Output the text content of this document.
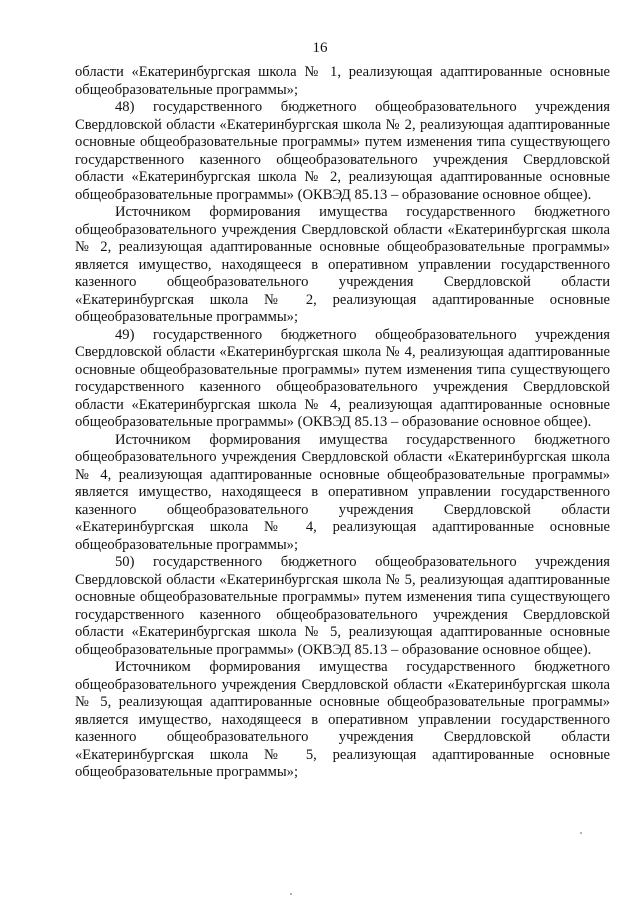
16

области «Екатеринбургская школа № 1, реализующая адаптированные основные общеобразовательные программы»;

48) государственного бюджетного общеобразовательного учреждения Свердловской области «Екатеринбургская школа № 2, реализующая адаптированные основные общеобразовательные программы» путем изменения типа существующего государственного казенного общеобразовательного учреждения Свердловской области «Екатеринбургская школа № 2, реализующая адаптированные основные общеобразовательные программы» (ОКВЭД 85.13 – образование основное общее).

Источником формирования имущества государственного бюджетного общеобразовательного учреждения Свердловской области «Екатеринбургская школа № 2, реализующая адаптированные основные общеобразовательные программы» является имущество, находящееся в оперативном управлении государственного казенного общеобразовательного учреждения Свердловской области «Екатеринбургская школа № 2, реализующая адаптированные основные общеобразовательные программы»;

49) государственного бюджетного общеобразовательного учреждения Свердловской области «Екатеринбургская школа № 4, реализующая адаптированные основные общеобразовательные программы» путем изменения типа существующего государственного казенного общеобразовательного учреждения Свердловской области «Екатеринбургская школа № 4, реализующая адаптированные основные общеобразовательные программы» (ОКВЭД 85.13 – образование основное общее).

Источником формирования имущества государственного бюджетного общеобразовательного учреждения Свердловской области «Екатеринбургская школа № 4, реализующая адаптированные основные общеобразовательные программы» является имущество, находящееся в оперативном управлении государственного казенного общеобразовательного учреждения Свердловской области «Екатеринбургская школа № 4, реализующая адаптированные основные общеобразовательные программы»;

50) государственного бюджетного общеобразовательного учреждения Свердловской области «Екатеринбургская школа № 5, реализующая адаптированные основные общеобразовательные программы» путем изменения типа существующего государственного казенного общеобразовательного учреждения Свердловской области «Екатеринбургская школа № 5, реализующая адаптированные основные общеобразовательные программы» (ОКВЭД 85.13 – образование основное общее).

Источником формирования имущества государственного бюджетного общеобразовательного учреждения Свердловской области «Екатеринбургская школа № 5, реализующая адаптированные основные общеобразовательные программы» является имущество, находящееся в оперативном управлении государственного казенного общеобразовательного учреждения Свердловской области «Екатеринбургская школа № 5, реализующая адаптированные основные общеобразовательные программы»;
